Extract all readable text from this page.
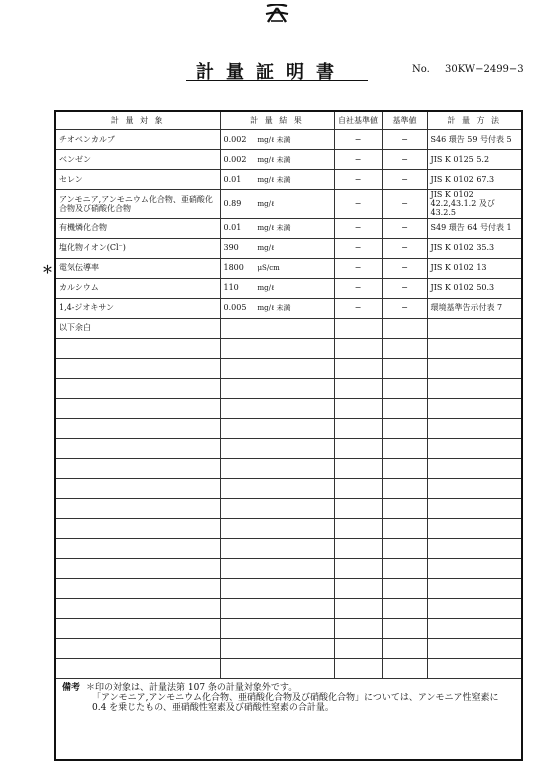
計量証明書	No. 30KW−2499−3
計 量 対 象	計 量 結 果	自社基準値	基準値	計 量 方 法
チオベンカルブ	0.002 mg/ℓ 未満	−	−	S46 環告 59 号付表 5
ベンゼン	0.002 mg/ℓ 未満	−	−	JIS K 0125 5.2
セレン	0.01 mg/ℓ 未満	−	−	JIS K 0102 67.3
アンモニア,アンモニウム化合物、亜硝酸化合物及び硝酸化合物	0.89 mg/ℓ	−	−	JIS K 0102 42.2,43.1.2 及び 43.2.5
有機燐化合物	0.01 mg/ℓ 未満	−	−	S49 環告 64 号付表 1
塩化物イオン(Cl⁻)	390 mg/ℓ	−	−	JIS K 0102 35.3
電気伝導率	1800 μS/cm	−	−	JIS K 0102 13
カルシウム	110 mg/ℓ	−	−	JIS K 0102 50.3
1,4-ジオキサン	0.005 mg/ℓ 未満	−	−	環境基準告示付表 7
以下余白				

備考 ＊印の対象は、計量法第 107 条の計量対象外です。
「アンモニア,アンモニウム化合物、亜硝酸化合物及び硝酸化合物」については、アンモニア性窒素に 0.4 を乗じたもの、亜硝酸性窒素及び硝酸性窒素の合計量。				
＊
